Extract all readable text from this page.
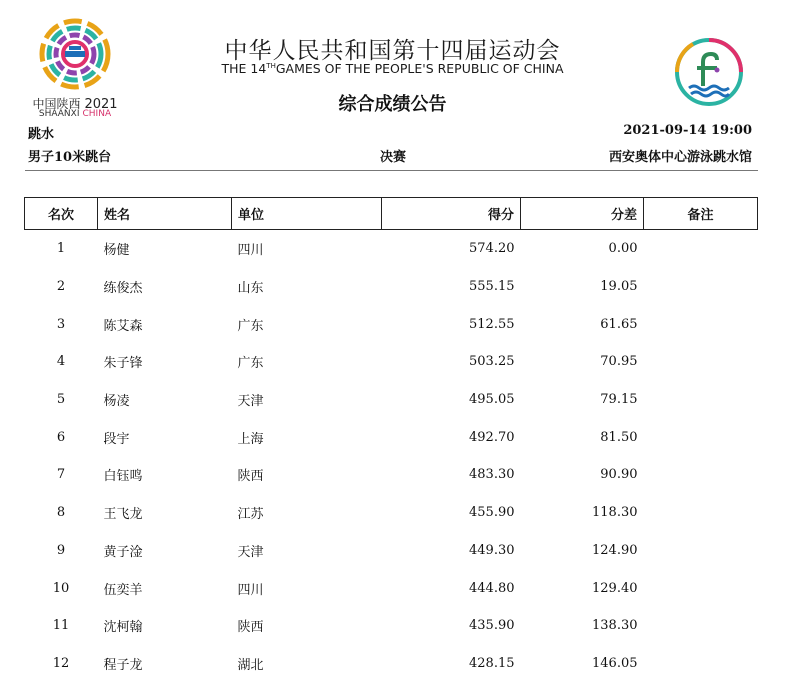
中国陕西 2021
SHAANXI CHINA
中华人民共和国第十四届运动会
THE 14THGAMES OF THE PEOPLE'S REPUBLIC OF CHINA
综合成绩公告
跳水	2021-09-14 19:00
男子10米跳台	决赛	西安奥体中心游泳跳水馆
名次	姓名	单位	得分	分差	备注
1	杨健	四川	574.20	0.00	
2	练俊杰	山东	555.15	19.05	
3	陈艾森	广东	512.55	61.65	
4	朱子锋	广东	503.25	70.95	
5	杨凌	天津	495.05	79.15	
6	段宇	上海	492.70	81.50	
7	白钰鸣	陕西	483.30	90.90	
8	王飞龙	江苏	455.90	118.30	
9	黄子淦	天津	449.30	124.90	
10	伍奕羊	四川	444.80	129.40	
11	沈柯翰	陕西	435.90	138.30	
12	程子龙	湖北	428.15	146.05	
